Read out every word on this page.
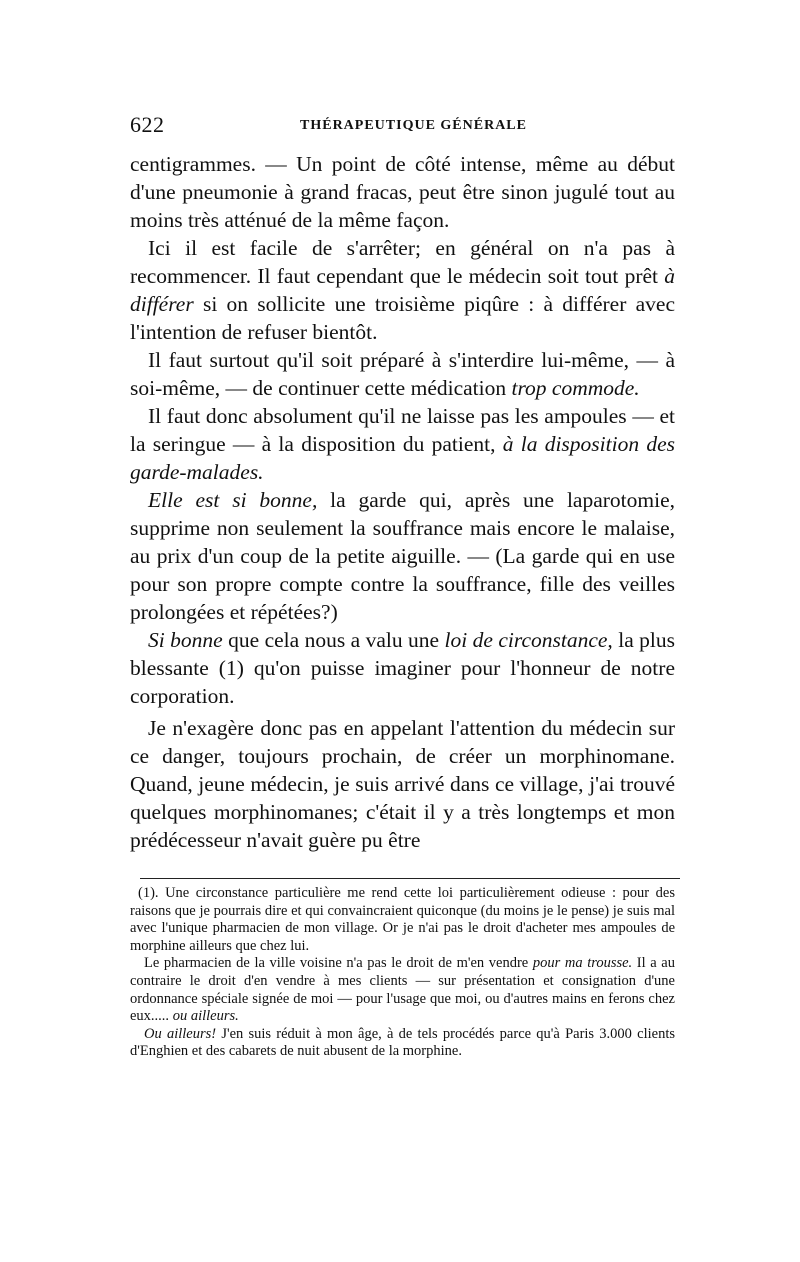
622	THÉRAPEUTIQUE GÉNÉRALE

centigrammes. — Un point de côté intense, même au début d'une pneumonie à grand fracas, peut être sinon jugulé tout au moins très atténué de la même façon.

Ici il est facile de s'arrêter; en général on n'a pas à recommencer. Il faut cependant que le médecin soit tout prêt à différer si on sollicite une troisième piqûre : à différer avec l'intention de refuser bientôt.

Il faut surtout qu'il soit préparé à s'interdire lui-même, — à soi-même, — de continuer cette médication trop commode.

Il faut donc absolument qu'il ne laisse pas les ampoules — et la seringue — à la disposition du patient, à la disposition des garde-malades.

Elle est si bonne, la garde qui, après une laparotomie, supprime non seulement la souffrance mais encore le malaise, au prix d'un coup de la petite aiguille. — (La garde qui en use pour son propre compte contre la souffrance, fille des veilles prolongées et répétées?)

Si bonne que cela nous a valu une loi de circonstance, la plus blessante (1) qu'on puisse imaginer pour l'honneur de notre corporation.

Je n'exagère donc pas en appelant l'attention du médecin sur ce danger, toujours prochain, de créer un morphinomane. Quand, jeune médecin, je suis arrivé dans ce village, j'ai trouvé quelques morphinomanes; c'était il y a très longtemps et mon prédécesseur n'avait guère pu être

(1). Une circonstance particulière me rend cette loi particulièrement odieuse : pour des raisons que je pourrais dire et qui convaincraient quiconque (du moins je le pense) je suis mal avec l'unique pharmacien de mon village. Or je n'ai pas le droit d'acheter mes ampoules de morphine ailleurs que chez lui.

Le pharmacien de la ville voisine n'a pas le droit de m'en vendre pour ma trousse. Il a au contraire le droit d'en vendre à mes clients — sur présentation et consignation d'une ordonnance spéciale signée de moi — pour l'usage que moi, ou d'autres mains en ferons chez eux..... ou ailleurs.

Ou ailleurs! J'en suis réduit à mon âge, à de tels procédés parce qu'à Paris 3.000 clients d'Enghien et des cabarets de nuit abusent de la morphine.
